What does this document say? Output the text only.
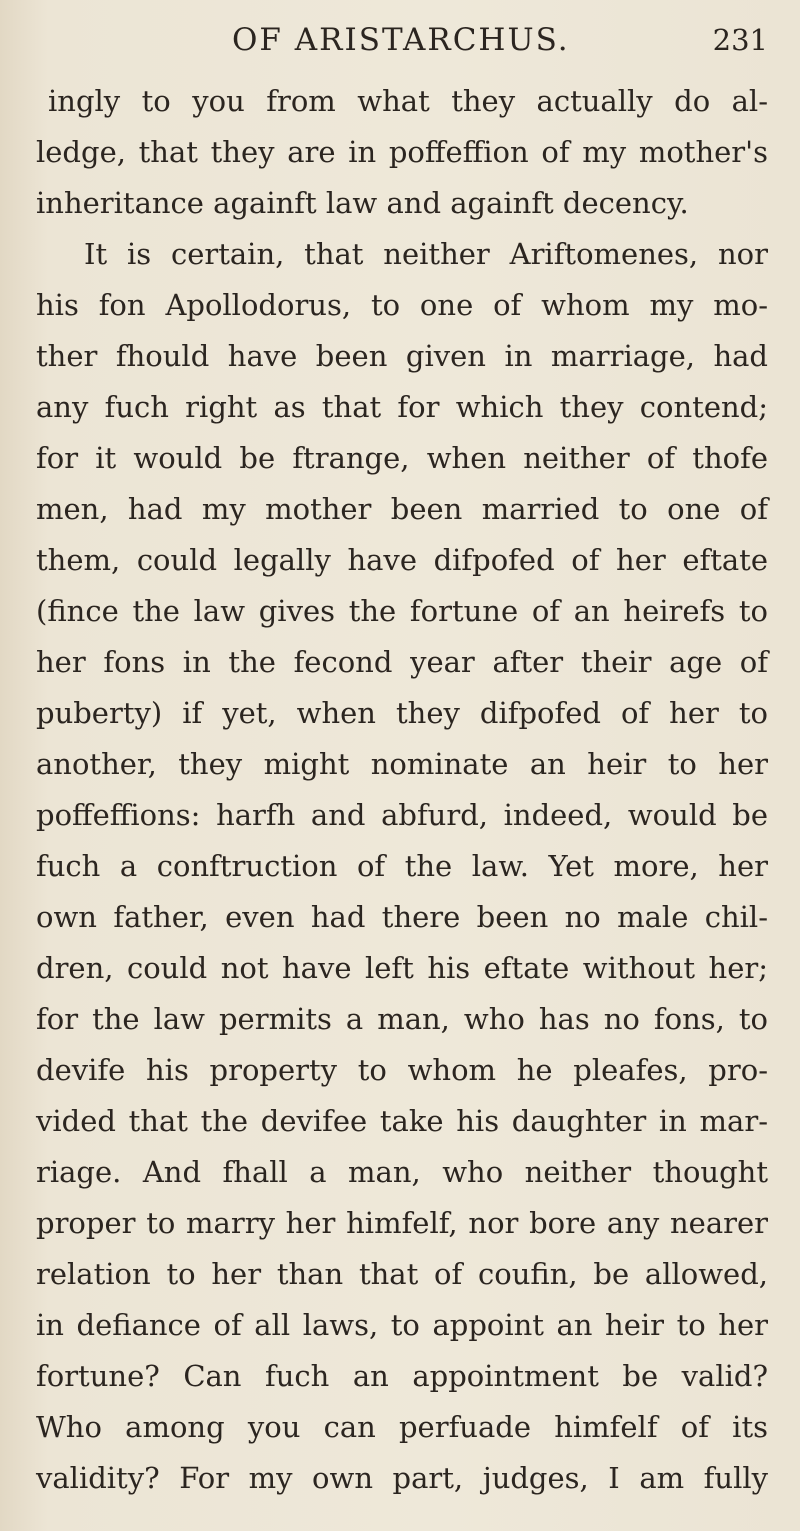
OF ARISTARCHUS.	231
ingly to you from what they actually do al-
ledge, that they are in poffeffion of my mother's
inheritance againft law and againft decency.
It is certain, that neither Ariftomenes, nor
his fon Apollodorus, to one of whom my mo-
ther fhould have been given in marriage, had
any fuch right as that for which they contend;
for it would be ftrange, when neither of thofe
men, had my mother been married to one of
them, could legally have difpofed of her eftate
(fince the law gives the fortune of an heirefs to
her fons in the fecond year after their age of
puberty) if yet, when they difpofed of her to
another, they might nominate an heir to her
poffeffions: harfh and abfurd, indeed, would be
fuch a conftruction of the law. Yet more, her
own father, even had there been no male chil-
dren, could not have left his eftate without her;
for the law permits a man, who has no fons, to
devife his property to whom he pleafes, pro-
vided that the devifee take his daughter in mar-
riage. And fhall a man, who neither thought
proper to marry her himfelf, nor bore any nearer
relation to her than that of coufin, be allowed,
in defiance of all laws, to appoint an heir to her
fortune? Can fuch an appointment be valid?
Who among you can perfuade himfelf of its
validity? For my own part, judges, I am fully
